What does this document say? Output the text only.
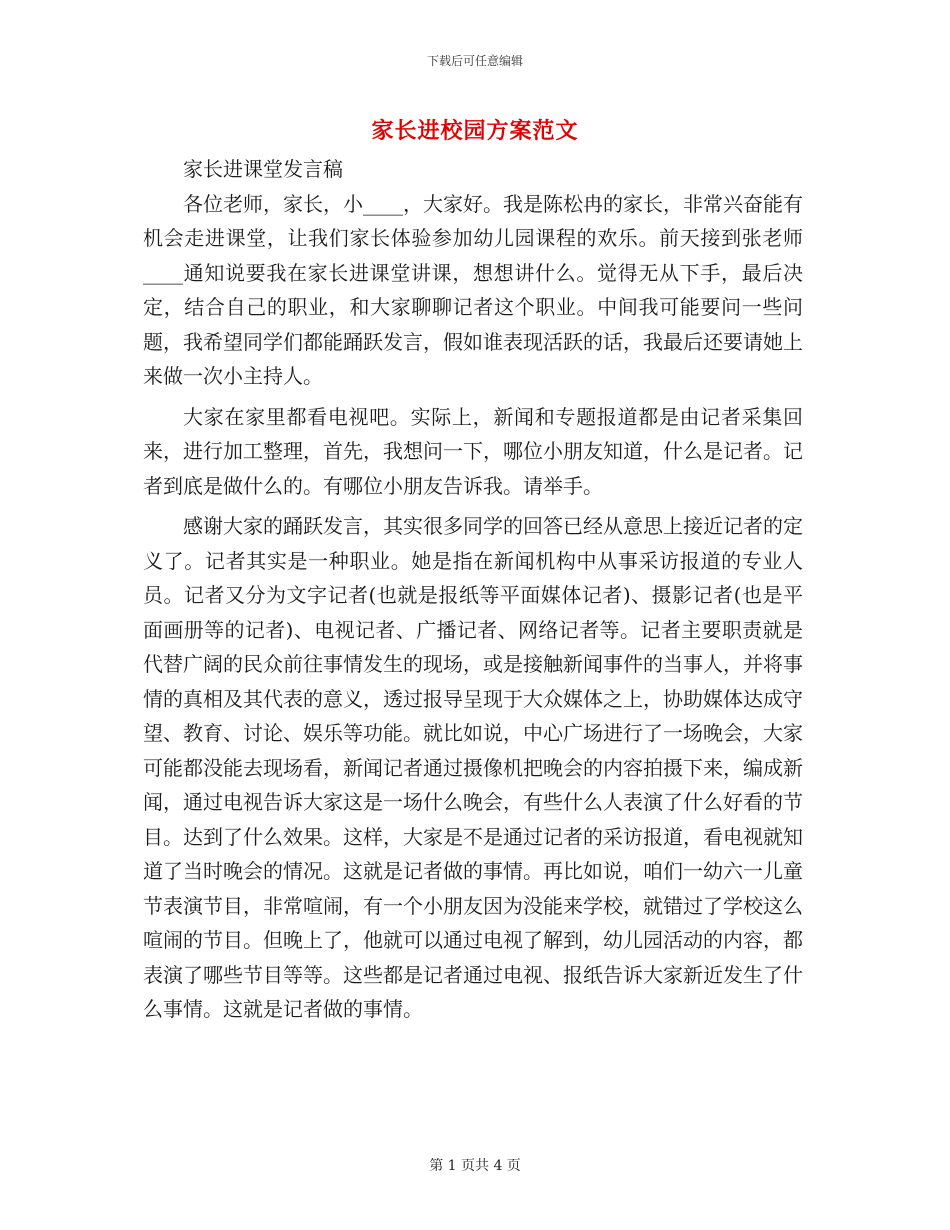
下载后可任意编辑
家长进校园方案范文

家长进课堂发言稿

各位老师，家长，小____，大家好。我是陈松冉的家长，非常兴奋能有机会走进课堂，让我们家长体验参加幼儿园课程的欢乐。前天接到张老师____通知说要我在家长进课堂讲课，想想讲什么。觉得无从下手，最后决定，结合自己的职业，和大家聊聊记者这个职业。中间我可能要问一些问题，我希望同学们都能踊跃发言，假如谁表现活跃的话，我最后还要请她上来做一次小主持人。

大家在家里都看电视吧。实际上，新闻和专题报道都是由记者采集回来，进行加工整理，首先，我想问一下，哪位小朋友知道，什么是记者。记者到底是做什么的。有哪位小朋友告诉我。请举手。

感谢大家的踊跃发言，其实很多同学的回答已经从意思上接近记者的定义了。记者其实是一种职业。她是指在新闻机构中从事采访报道的专业人员。记者又分为文字记者(也就是报纸等平面媒体记者)、摄影记者(也是平面画册等的记者)、电视记者、广播记者、网络记者等。记者主要职责就是代替广阔的民众前往事情发生的现场，或是接触新闻事件的当事人，并将事情的真相及其代表的意义，透过报导呈现于大众媒体之上，协助媒体达成守望、教育、讨论、娱乐等功能。就比如说，中心广场进行了一场晚会，大家可能都没能去现场看，新闻记者通过摄像机把晚会的内容拍摄下来，编成新闻，通过电视告诉大家这是一场什么晚会，有些什么人表演了什么好看的节目。达到了什么效果。这样，大家是不是通过记者的采访报道，看电视就知道了当时晚会的情况。这就是记者做的事情。再比如说，咱们一幼六一儿童节表演节目，非常喧闹，有一个小朋友因为没能来学校，就错过了学校这么喧闹的节目。但晚上了，他就可以通过电视了解到，幼儿园活动的内容，都表演了哪些节目等等。这些都是记者通过电视、报纸告诉大家新近发生了什么事情。这就是记者做的事情。

第 1 页共 4 页
